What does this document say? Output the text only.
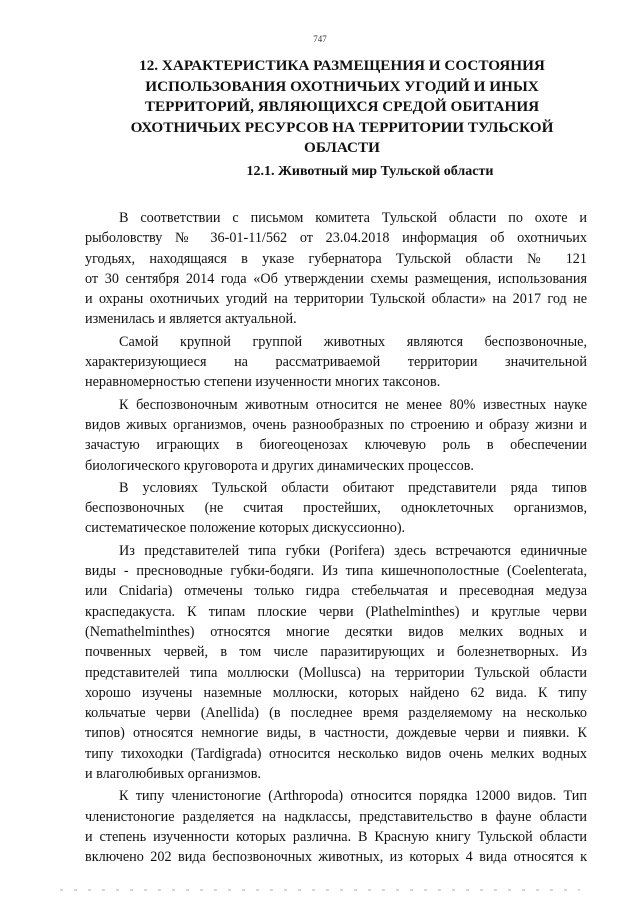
747
12. ХАРАКТЕРИСТИКА РАЗМЕЩЕНИЯ И СОСТОЯНИЯ
ИСПОЛЬЗОВАНИЯ ОХОТНИЧЬИХ УГОДИЙ И ИНЫХ
ТЕРРИТОРИЙ, ЯВЛЯЮЩИХСЯ СРЕДОЙ ОБИТАНИЯ
ОХОТНИЧЬИХ РЕСУРСОВ НА ТЕРРИТОРИИ ТУЛЬСКОЙ
ОБЛАСТИ
12.1. Животный мир Тульской области
В соответствии с письмом комитета Тульской области по охоте и
рыболовству № 36-01-11/562 от 23.04.2018 информация об охотничьих
угодьях, находящаяся в указе губернатора Тульской области № 121
от 30 сентября 2014 года «Об утверждении схемы размещения, использования
и охраны охотничьих угодий на территории Тульской области» на 2017 год не
изменилась и является актуальной.
Самой крупной группой животных являются беспозвоночные,
характеризующиеся на рассматриваемой территории значительной
неравномерностью степени изученности многих таксонов.
К беспозвоночным животным относится не менее 80% известных науке
видов живых организмов, очень разнообразных по строению и образу жизни и
зачастую играющих в биогеоценозах ключевую роль в обеспечении
биологического круговорота и других динамических процессов.
В условиях Тульской области обитают представители ряда типов
беспозвоночных (не считая простейших, одноклеточных организмов,
систематическое положение которых дискуссионно).
Из представителей типа губки (Porifera) здесь встречаются единичные
виды - пресноводные губки-бодяги. Из типа кишечнополостные (Coelenterata,
или Cnidaria) отмечены только гидра стебельчатая и пресеводная медуза
краспедакуста. К типам плоские черви (Plathelminthes) и круглые черви
(Nemathelminthes) относятся многие десятки видов мелких водных и
почвенных червей, в том числе паразитирующих и болезнетворных. Из
представителей типа моллюски (Mollusca) на территории Тульской области
хорошо изучены наземные моллюски, которых найдено 62 вида. К типу
кольчатые черви (Anellida) (в последнее время разделяемому на несколько
типов) относятся немногие виды, в частности, дождевые черви и пиявки. К
типу тихоходки (Tardigrada) относится несколько видов очень мелких водных
и влаголюбивых организмов.
К типу членистоногие (Arthropoda) относится порядка 12000 видов. Тип
членистоногие разделяется на надклассы, представительство в фауне области
и степень изученности которых различна. В Красную книгу Тульской области
включено 202 вида беспозвоночных животных, из которых 4 вида относятся к
